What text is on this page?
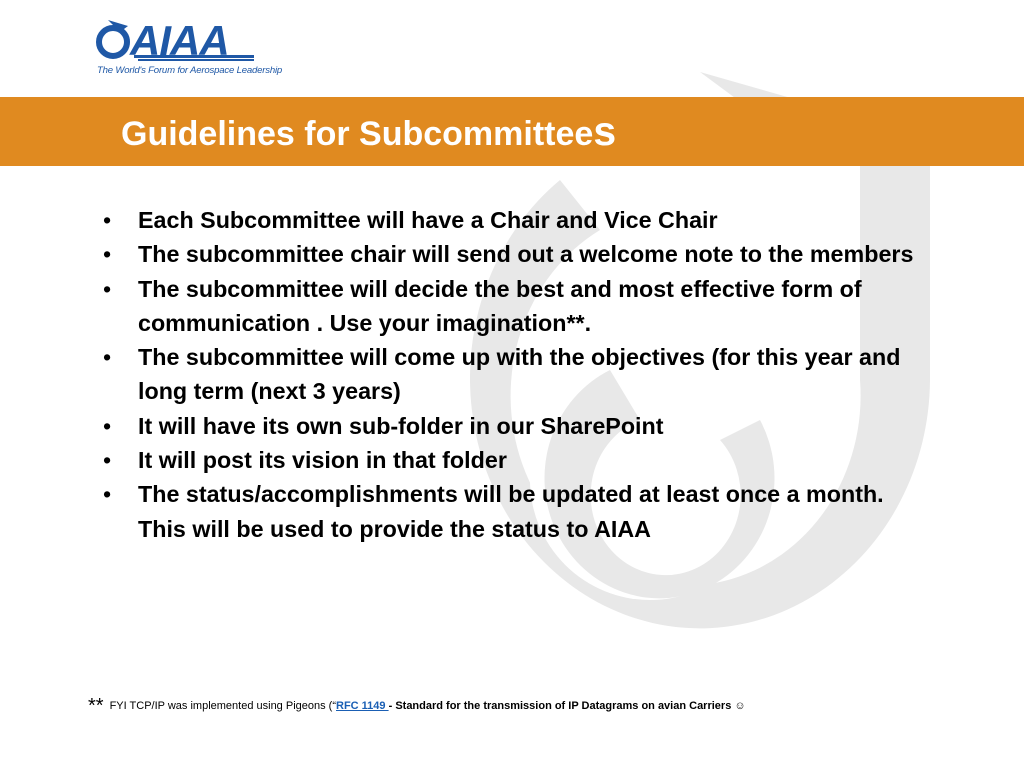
AIAA
The World's Forum for Aerospace Leadership
Guidelines for Subcommittees
• Each Subcommittee will have a Chair and Vice Chair
• The subcommittee chair will send out a welcome note to the members
• The subcommittee will decide the best and most effective form of communication . Use your imagination**.
• The subcommittee will come up with the objectives (for this year and long term (next 3 years)
• It will have its own sub-folder in our SharePoint
• It will post its vision in that folder
• The status/accomplishments will be updated at least once a month. This will be used to provide the status to AIAA
** FYI TCP/IP was implemented using Pigeons (“RFC 1149 - Standard for the transmission of IP Datagrams on avian Carriers ☺
